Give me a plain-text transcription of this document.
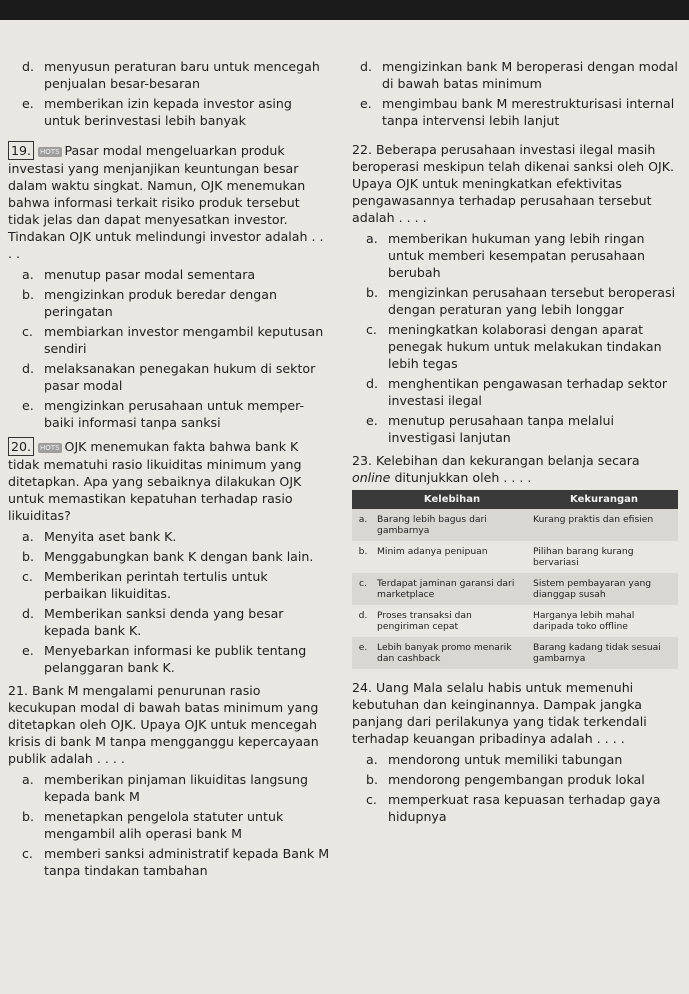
d. menyusun peraturan baru untuk mencegah penjualan besar-besaran
e. memberikan izin kepada investor asing untuk berinvestasi lebih banyak
19. HOTS Pasar modal mengeluarkan produk investasi yang menjanjikan keuntungan besar dalam waktu singkat. Namun, OJK menemukan bahwa informasi terkait risiko produk tersebut tidak jelas dan dapat menyesatkan investor. Tindakan OJK untuk melindungi investor adalah . . . .
a. menutup pasar modal sementara
b. mengizinkan produk beredar dengan peringatan
c. membiarkan investor mengambil keputusan sendiri
d. melaksanakan penegakan hukum di sektor pasar modal
e. mengizinkan perusahaan untuk memper-baiki informasi tanpa sanksi
20. HOTS OJK menemukan fakta bahwa bank K tidak mematuhi rasio likuiditas minimum yang ditetapkan. Apa yang sebaiknya dilakukan OJK untuk memastikan kepatuhan terhadap rasio likuiditas?
a. Menyita aset bank K.
b. Menggabungkan bank K dengan bank lain.
c. Memberikan perintah tertulis untuk perbaikan likuiditas.
d. Memberikan sanksi denda yang besar kepada bank K.
e. Menyebarkan informasi ke publik tentang pelanggaran bank K.
21. Bank M mengalami penurunan rasio kecukupan modal di bawah batas minimum yang ditetapkan oleh OJK. Upaya OJK untuk mencegah krisis di bank M tanpa mengganggu kepercayaan publik adalah . . . .
a. memberikan pinjaman likuiditas langsung kepada bank M
b. menetapkan pengelola statuter untuk mengambil alih operasi bank M
c. memberi sanksi administratif kepada Bank M tanpa tindakan tambahan
d. mengizinkan bank M beroperasi dengan modal di bawah batas minimum
e. mengimbau bank M merestrukturisasi internal tanpa intervensi lebih lanjut
22. Beberapa perusahaan investasi ilegal masih beroperasi meskipun telah dikenai sanksi oleh OJK. Upaya OJK untuk meningkatkan efektivitas pengawasannya terhadap perusahaan tersebut adalah . . . .
a. memberikan hukuman yang lebih ringan untuk memberi kesempatan perusahaan berubah
b. mengizinkan perusahaan tersebut beroperasi dengan peraturan yang lebih longgar
c. meningkatkan kolaborasi dengan aparat penegak hukum untuk melakukan tindakan lebih tegas
d. menghentikan pengawasan terhadap sektor investasi ilegal
e. menutup perusahaan tanpa melalui investigasi lanjutan
23. Kelebihan dan kekurangan belanja secara online ditunjukkan oleh . . . .
	Kelebihan	Kekurangan
a.	Barang lebih bagus dari gambarnya	Kurang praktis dan efisien
b.	Minim adanya penipuan	Pilihan barang kurang bervariasi
c.	Terdapat jaminan garansi dari marketplace	Sistem pembayaran yang dianggap susah
d.	Proses transaksi dan pengiriman cepat	Harganya lebih mahal daripada toko offline
e.	Lebih banyak promo menarik dan cashback	Barang kadang tidak sesuai gambarnya
24. Uang Mala selalu habis untuk memenuhi kebutuhan dan keinginannya. Dampak jangka panjang dari perilakunya yang tidak terkendali terhadap keuangan pribadinya adalah . . . .
a. mendorong untuk memiliki tabungan
b. mendorong pengembangan produk lokal
c. memperkuat rasa kepuasan terhadap gaya hidupnya
